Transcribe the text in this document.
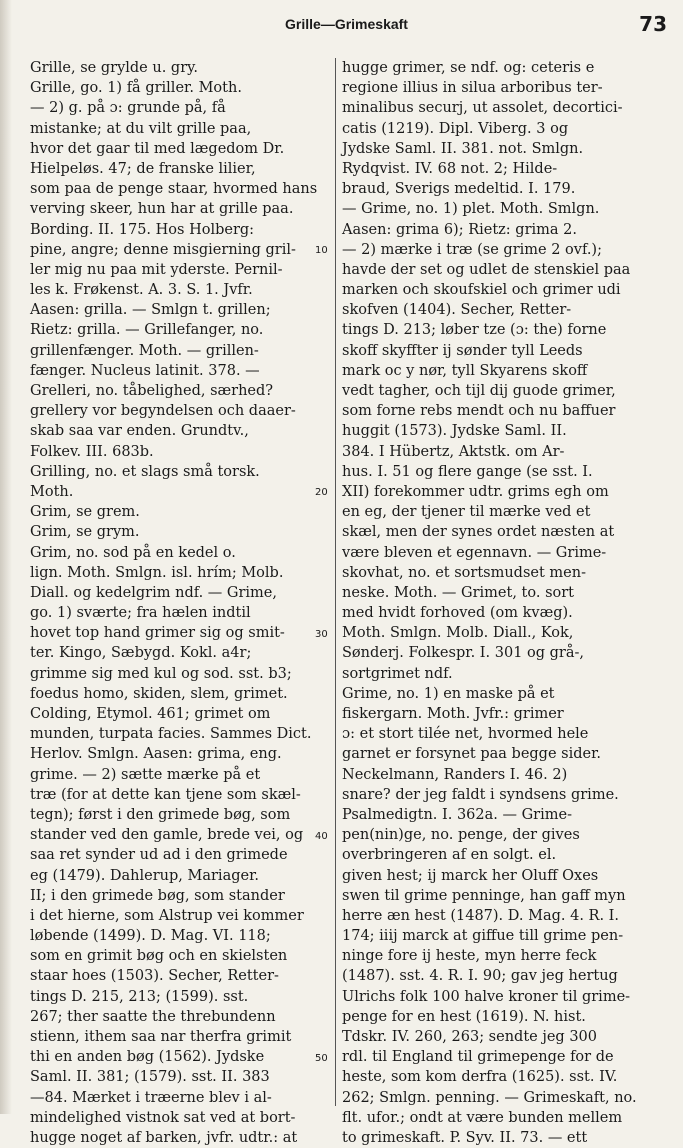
Grille—Grimeskaft	73
Grille, se grylde u. gry.
Grille, go. 1) få griller. Moth.
— 2) g. på ɔ: grunde på, få
mistanke; at du vilt grille paa,
hvor det gaar til med lægedom Dr.
Hielpeløs. 47; de franske lilier,
som paa de penge staar, hvormed hans
verving skeer, hun har at grille paa.
Bording. II. 175. Hos Holberg:
pine, angre; denne misgierning gril-
ler mig nu paa mit yderste. Pernil-
les k. Frøkenst. A. 3. S. 1. Jvfr.
Aasen: grilla. — Smlgn t. grillen;
Rietz: grilla. — Grillefanger, no.
grillenfænger. Moth. — grillen-
fænger. Nucleus latinit. 378. —
Grelleri, no. tåbelighed, særhed?
grellery vor begyndelsen och daaer-
skab saa var enden. Grundtv.,
Folkev. III. 683b.
Grilling, no. et slags små torsk.
Moth.
Grim, se grem.
Grim, se grym.
Grim, no. sod på en kedel o.
lign. Moth. Smlgn. isl. hrím; Molb.
Diall. og kedelgrim ndf. — Grime,
go. 1) sværte; fra hælen indtil
hovet top hand grimer sig og smit-
ter. Kingo, Sæbygd. Kokl. a4r;
grimme sig med kul og sod. sst. b3;
foedus homo, skiden, slem, grimet.
Colding, Etymol. 461; grimet om
munden, turpata facies. Sammes Dict.
Herlov. Smlgn. Aasen: grima, eng.
grime. — 2) sætte mærke på et
træ (for at dette kan tjene som skæl-
tegn); først i den grimede bøg, som
stander ved den gamle, brede vei, og
saa ret synder ud ad i den grimede
eg (1479). Dahlerup, Mariager.
II; i den grimede bøg, som stander
i det hierne, som Alstrup vei kommer
løbende (1499). D. Mag. VI. 118;
som en grimit bøg och en skielsten
staar hoes (1503). Secher, Retter-
tings D. 215, 213; (1599). sst.
267; ther saatte the threbundenn
stienn, ithem saa nar therfra grimit
thi en anden bøg (1562). Jydske
Saml. II. 381; (1579). sst. II. 383
—84. Mærket i træerne blev i al-
mindelighed vistnok sat ved at bort-
hugge noget af barken, jvfr. udtr.: at
hugge grimer, se ndf. og: ceteris e
regione illius in silua arboribus ter-
minalibus securj, ut assolet, decortici-
catis (1219). Dipl. Viberg. 3 og
Jydske Saml. II. 381. not. Smlgn.
Rydqvist. IV. 68 not. 2; Hilde-
braud, Sverigs medeltid. I. 179.
— Grime, no. 1) plet. Moth. Smlgn.
Aasen: grima 6); Rietz: grima 2.
— 2) mærke i træ (se grime 2 ovf.);
havde der set og udlet de stenskiel paa
marken och skoufskiel och grimer udi
skofven (1404). Secher, Retter-
tings D. 213; løber tze (ɔ: the) forne
skoff skyffter ij sønder tyll Leeds
mark oc y nør, tyll Skyarens skoff
vedt tagher, och tijl dij guode grimer,
som forne rebs mendt och nu baffuer
huggit (1573). Jydske Saml. II.
384. I Hübertz, Aktstk. om Ar-
hus. I. 51 og flere gange (se sst. I.
XII) forekommer udtr. grims egh om
en eg, der tjener til mærke ved et
skæl, men der synes ordet næsten at
være bleven et egennavn. — Grime-
skovhat, no. et sortsmudset men-
neske. Moth. — Grimet, to. sort
med hvidt forhoved (om kvæg).
Moth. Smlgn. Molb. Diall., Kok,
Sønderj. Folkespr. I. 301 og grå-,
sortgrimet ndf.
Grime, no. 1) en maske på et
fiskergarn. Moth. Jvfr.: grimer
ɔ: et stort tilée net, hvormed hele
garnet er forsynet paa begge sider.
Neckelmann, Randers I. 46. 2)
snare? der jeg faldt i syndsens grime.
Psalmedigtn. I. 362a. — Grime-
pen(nin)ge, no. penge, der gives
overbringeren af en solgt. el.
given hest; ij marck her Oluff Oxes
swen til grime penninge, han gaff myn
herre æn hest (1487). D. Mag. 4. R. I.
174; iiij marck at giffue till grime pen-
ninge fore ij heste, myn herre feck
(1487). sst. 4. R. I. 90; gav jeg hertug
Ulrichs folk 100 halve kroner til grime-
penge for en hest (1619). N. hist.
Tdskr. IV. 260, 263; sendte jeg 300
rdl. til England til grimepenge for de
heste, som kom derfra (1625). sst. IV.
262; Smlgn. penning. — Grimeskaft, no.
flt. ufor.; ondt at være bunden mellem
to grimeskaft. P. Syv. II. 73. — ett
10
20
30
40
50
